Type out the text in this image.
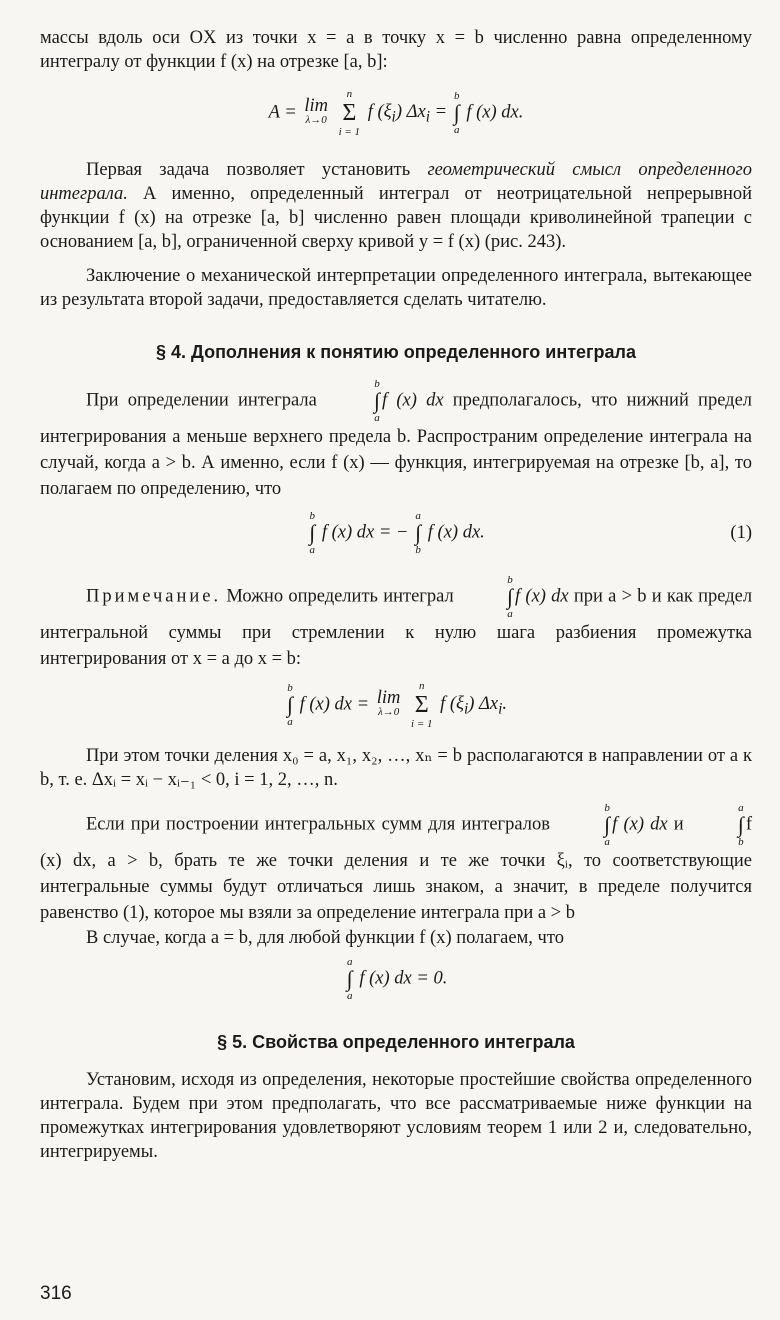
массы вдоль оси OX из точки x = a в точку x = b численно равна определенному интегралу от функции f (x) на отрезке [a, b]:

A = lim
λ→0

n
Σ
i = 1
f $(\xi_i) \Delta x_i$ =
b
∫
a
f (x) dx.

Первая задача позволяет установить геометрический смысл определенного интеграла. А именно, определенный интеграл от неотрицательной непрерывной функции f (x) на отрезке [a, b] численно равен площади криволинейной трапеции с основанием [a, b], ограниченной сверху кривой y = f (x) (рис. 243).

Заключение о механической интерпретации определенного интеграла, вытекающее из результата второй задачи, предоставляется сделать читателю.

§ 4. Дополнения к понятию определенного интеграла

При определении интеграла
b
∫
a
f (x) dx предполагалось, что нижний предел интегрирования a меньше верхнего предела b. Распространим определение интеграла на случай, когда a > b. А именно, если f (x) — функция, интегрируемая на отрезке [b, a], то полагаем по определению, что

b
∫
a
f (x) dx = −
a
∫
b
f (x) dx.	(1)

Примечание. Можно определить интеграл
b
∫
a
f (x) dx при a > b и как предел интегральной суммы при стремлении к нулю шага разбиения промежутка интегрирования от x = a до x = b:

b
∫
a
f (x) dx = lim
λ→0

n
Σ
i = 1
f $(\xi_i)$ $\Delta x_i$.

При этом точки деления x₀ = a, x₁, x₂, …, xₙ = b располагаются в направлении от a к b, т. е. Δxᵢ = xᵢ − xᵢ₋₁ < 0, i = 1, 2, …, n.

Если при построении интегральных сумм для интегралов
b
∫
a
f (x) dx и
a
∫
b
f (x) dx, a > b, брать те же точки деления и те же точки ξᵢ, то соответствующие интегральные суммы будут отличаться лишь знаком, а значит, в пределе получится равенство (1), которое мы взяли за определение интеграла при a > b

В случае, когда a = b, для любой функции f (x) полагаем, что

a
∫
a
f (x) dx = 0.
§ 5. Свойства определенного интеграла

Установим, исходя из определения, некоторые простейшие свойства определенного интеграла. Будем при этом предполагать, что все рассматриваемые ниже функции на промежутках интегрирования удовлетворяют условиям теорем 1 или 2 и, следовательно, интегрируемы.

316
